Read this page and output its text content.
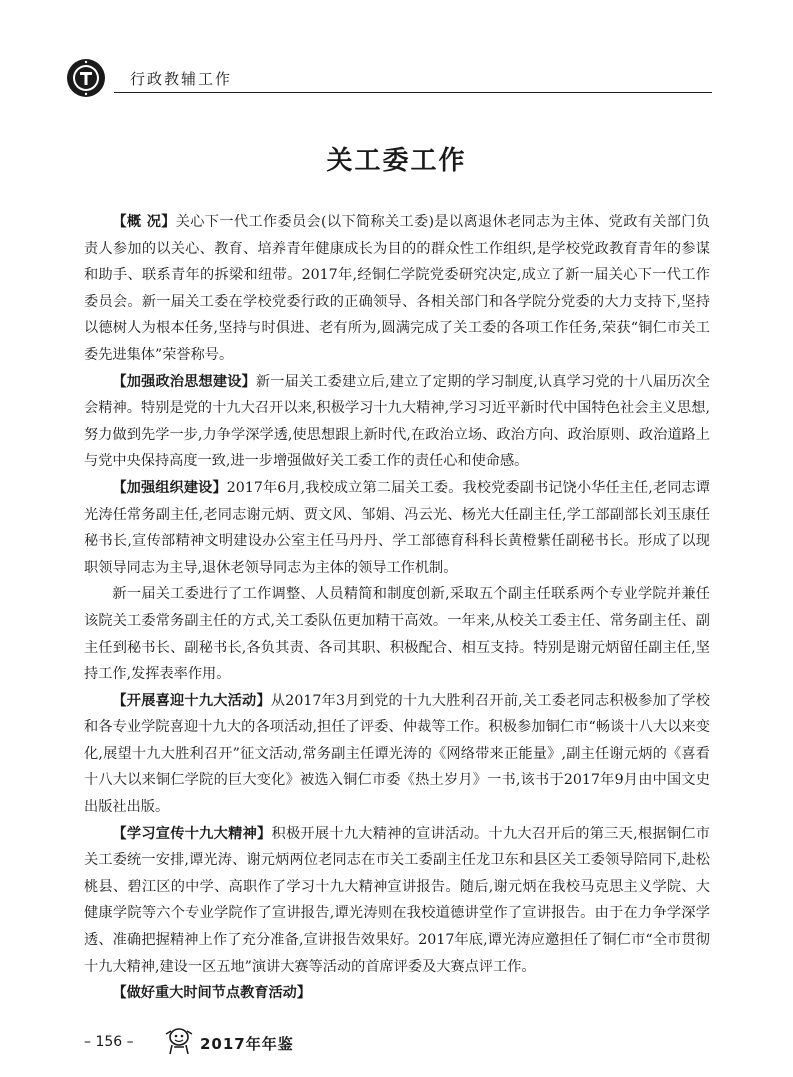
行政教辅工作
关工委工作

【概 况】关心下一代工作委员会(以下简称关工委)是以离退休老同志为主体、党政有关部门负责人参加的以关心、教育、培养青年健康成长为目的的群众性工作组织,是学校党政教育青年的参谋和助手、联系青年的拆梁和纽带。2017年,经铜仁学院党委研究决定,成立了新一届关心下一代工作委员会。新一届关工委在学校党委行政的正确领导、各相关部门和各学院分党委的大力支持下,坚持以德树人为根本任务,坚持与时俱进、老有所为,圆满完成了关工委的各项工作任务,荣获“铜仁市关工委先进集体”荣誉称号。

【加强政治思想建设】新一届关工委建立后,建立了定期的学习制度,认真学习党的十八届历次全会精神。特别是党的十九大召开以来,积极学习十九大精神,学习习近平新时代中国特色社会主义思想,努力做到先学一步,力争学深学透,使思想跟上新时代,在政治立场、政治方向、政治原则、政治道路上与党中央保持高度一致,进一步增强做好关工委工作的责任心和使命感。

【加强组织建设】2017年6月,我校成立第二届关工委。我校党委副书记饶小华任主任,老同志谭光涛任常务副主任,老同志谢元炳、贾文风、邹娟、冯云光、杨光大任副主任,学工部副部长刘玉康任秘书长,宣传部精神文明建设办公室主任马丹丹、学工部德育科科长黄橙紫任副秘书长。形成了以现职领导同志为主导,退休老领导同志为主体的领导工作机制。

新一届关工委进行了工作调整、人员精简和制度创新,采取五个副主任联系两个专业学院并兼任该院关工委常务副主任的方式,关工委队伍更加精干高效。一年来,从校关工委主任、常务副主任、副主任到秘书长、副秘书长,各负其责、各司其职、积极配合、相互支持。特别是谢元炳留任副主任,坚持工作,发挥表率作用。

【开展喜迎十九大活动】从2017年3月到党的十九大胜利召开前,关工委老同志积极参加了学校和各专业学院喜迎十九大的各项活动,担任了评委、仲裁等工作。积极参加铜仁市“畅谈十八大以来变化,展望十九大胜利召开”征文活动,常务副主任谭光涛的《网络带来正能量》,副主任谢元炳的《喜看十八大以来铜仁学院的巨大变化》被选入铜仁市委《热土岁月》一书,该书于2017年9月由中国文史出版社出版。

【学习宣传十九大精神】积极开展十九大精神的宣讲活动。十九大召开后的第三天,根据铜仁市关工委统一安排,谭光涛、谢元炳两位老同志在市关工委副主任龙卫东和县区关工委领导陪同下,赴松桃县、碧江区的中学、高职作了学习十九大精神宣讲报告。随后,谢元炳在我校马克思主义学院、大健康学院等六个专业学院作了宣讲报告,谭光涛则在我校道德讲堂作了宣讲报告。由于在力争学深学透、准确把握精神上作了充分准备,宣讲报告效果好。2017年底,谭光涛应邀担任了铜仁市“全市贯彻十九大精神,建设一区五地”演讲大赛等活动的首席评委及大赛点评工作。

【做好重大时间节点教育活动】

– 156 –	2017年年鉴
